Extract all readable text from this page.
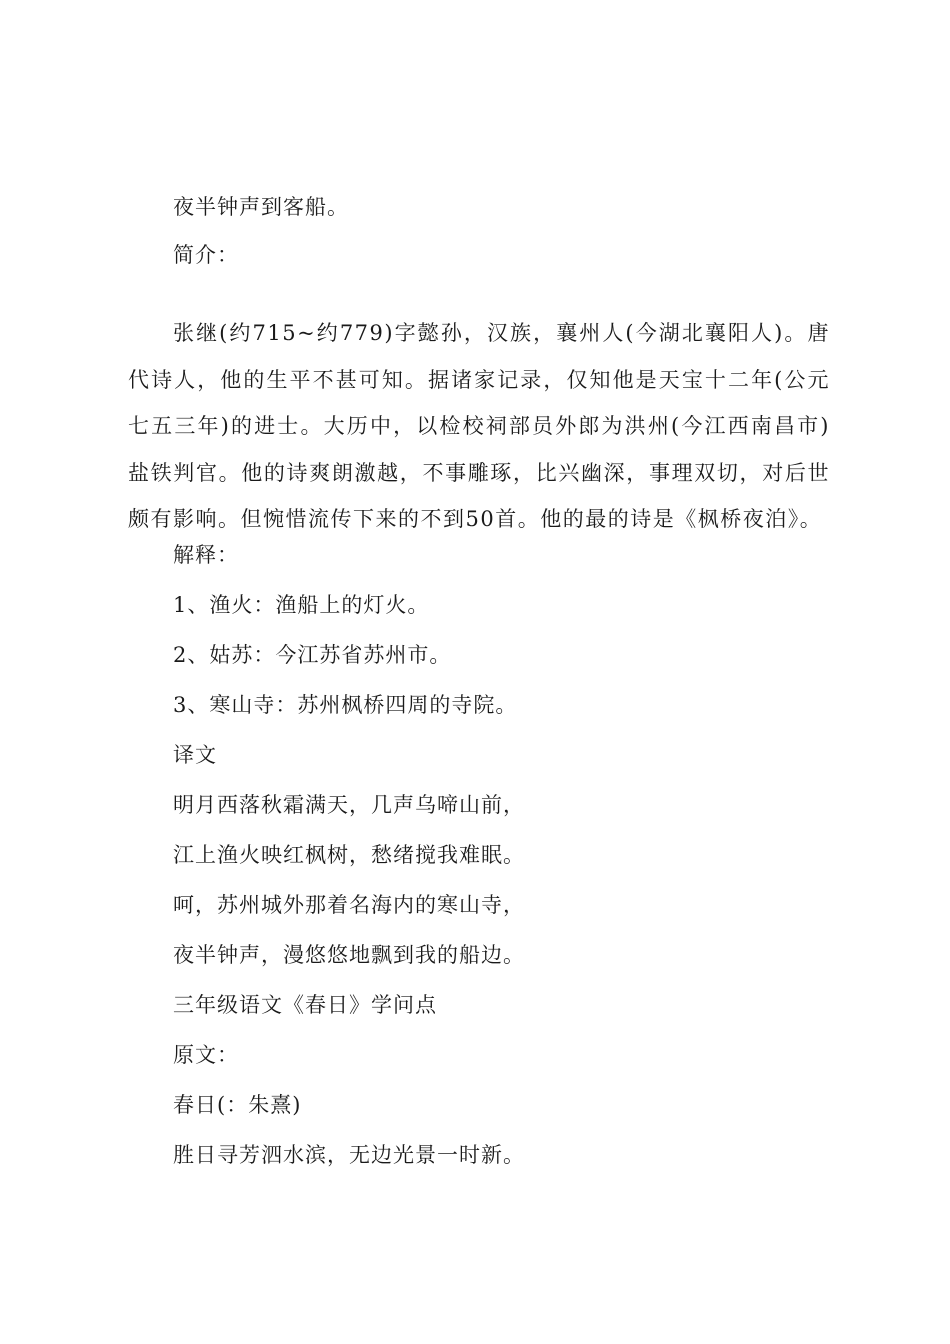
夜半钟声到客船。
简介：
张继(约715~约779)字懿孙，汉族，襄州人(今湖北襄阳人)。唐代诗人，他的生平不甚可知。据诸家记录，仅知他是天宝十二年(公元七五三年)的进士。大历中，以检校祠部员外郎为洪州(今江西南昌市)盐铁判官。他的诗爽朗激越，不事雕琢，比兴幽深，事理双切，对后世颇有影响。但惋惜流传下来的不到50首。他的最的诗是《枫桥夜泊》。
解释：
1、渔火：渔船上的灯火。
2、姑苏：今江苏省苏州市。
3、寒山寺：苏州枫桥四周的寺院。
译文
明月西落秋霜满天，几声乌啼山前，
江上渔火映红枫树，愁绪搅我难眠。
呵，苏州城外那着名海内的寒山寺，
夜半钟声，漫悠悠地飘到我的船边。
三年级语文《春日》学问点
原文：
春日(：朱熹)
胜日寻芳泗水滨，无边光景一时新。
